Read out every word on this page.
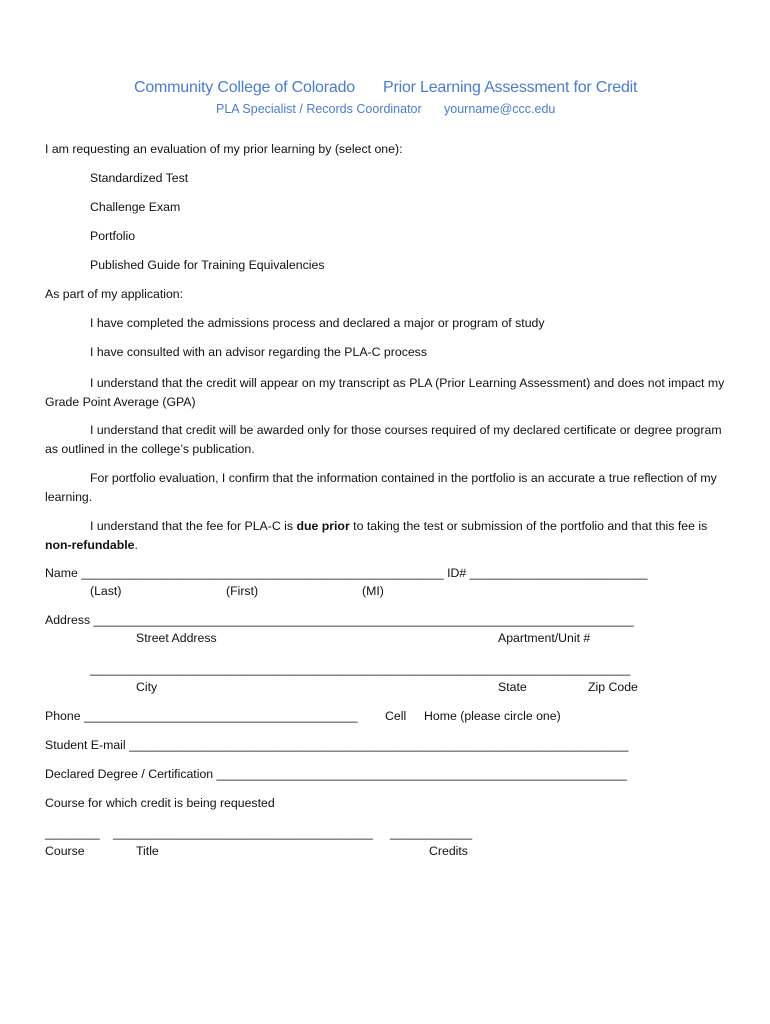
Community College of Colorado Prior Learning Assessment for Credit
PLA Specialist / Records Coordinator yourname@ccc.edu
I am requesting an evaluation of my prior learning by (select one):
Standardized Test
Challenge Exam
Portfolio
Published Guide for Training Equivalencies
As part of my application:
I have completed the admissions process and declared a major or program of study
I have consulted with an advisor regarding the PLA-C process
I understand that the credit will appear on my transcript as PLA (Prior Learning Assessment) and does not impact my Grade Point Average (GPA)
I understand that credit will be awarded only for those courses required of my declared certificate or degree program as outlined in the college’s publication.
For portfolio evaluation, I confirm that the information contained in the portfolio is an accurate a true reflection of my learning.
I understand that the fee for PLA-C is due prior to taking the test or submission of the portfolio and that this fee is non-refundable.
Name _____________________________________________________ ID# __________________________
(Last)	(First)	(MI)
Address _______________________________________________________________________________
Street Address	Apartment/Unit #
_______________________________________________________________________________
City	State	Zip Code
Phone ________________________________________ Cell Home (please circle one)
Student E-mail _________________________________________________________________________
Declared Degree / Certification ____________________________________________________________
Course for which credit is being requested
________ ______________________________________ ____________
Course	Title	Credits
